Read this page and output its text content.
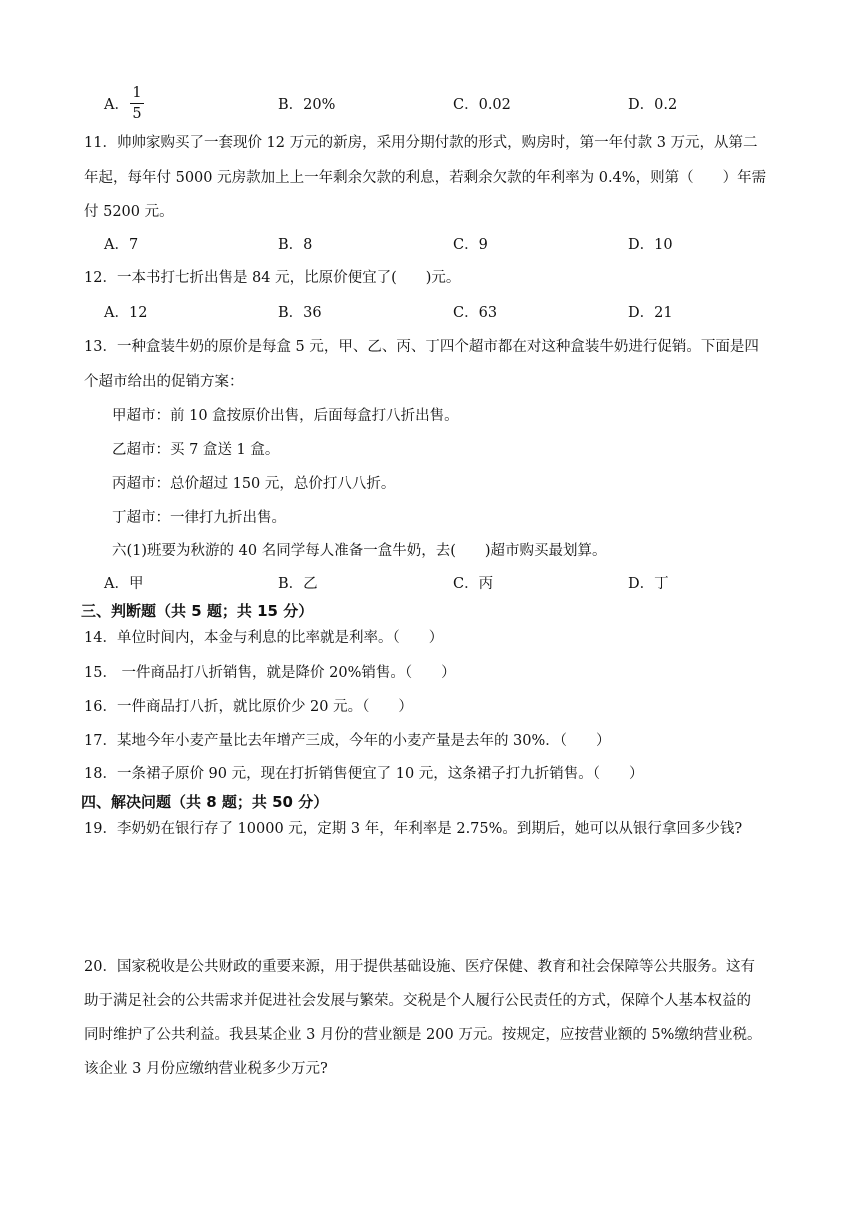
A．
1
5
B．20%	C．0.02	D．0.2
11．帅帅家购买了一套现价 12 万元的新房，采用分期付款的形式，购房时，第一年付款 3 万元，从第二
年起，每年付 5000 元房款加上上一年剩余欠款的利息，若剩余欠款的年利率为 0.4%，则第（　　）年需
付 5200 元。
A．7	B．8	C．9	D．10
12．一本书打七折出售是 84 元，比原价便宜了(　　)元。
A．12	B．36	C．63	D．21
13．一种盒装牛奶的原价是每盒 5 元，甲、乙、丙、丁四个超市都在对这种盒装牛奶进行促销。下面是四
个超市给出的促销方案：
甲超市：前 10 盒按原价出售，后面每盒打八折出售。
乙超市：买 7 盒送 1 盒。
丙超市：总价超过 150 元，总价打八八折。
丁超市：一律打九折出售。
六(1)班要为秋游的 40 名同学每人准备一盒牛奶，去(　　)超市购买最划算。
A．甲	B．乙	C．丙	D．丁
三、判断题（共 5 题；共 15 分）
14．单位时间内，本金与利息的比率就是利率。（　　）
15． 一件商品打八折销售，就是降价 20%销售。（　　）
16．一件商品打八折，就比原价少 20 元。（　　）
17．某地今年小麦产量比去年增产三成，今年的小麦产量是去年的 30%．（　　）
18．一条裙子原价 90 元，现在打折销售便宜了 10 元，这条裙子打九折销售。（　　）
四、解决问题（共 8 题；共 50 分）
19．李奶奶在银行存了 10000 元，定期 3 年，年利率是 2.75%。到期后，她可以从银行拿回多少钱?
20．国家税收是公共财政的重要来源，用于提供基础设施、医疗保健、教育和社会保障等公共服务。这有
助于满足社会的公共需求并促进社会发展与繁荣。交税是个人履行公民责任的方式，保障个人基本权益的
同时维护了公共利益。我县某企业 3 月份的营业额是 200 万元。按规定，应按营业额的 5%缴纳营业税。
该企业 3 月份应缴纳营业税多少万元?
